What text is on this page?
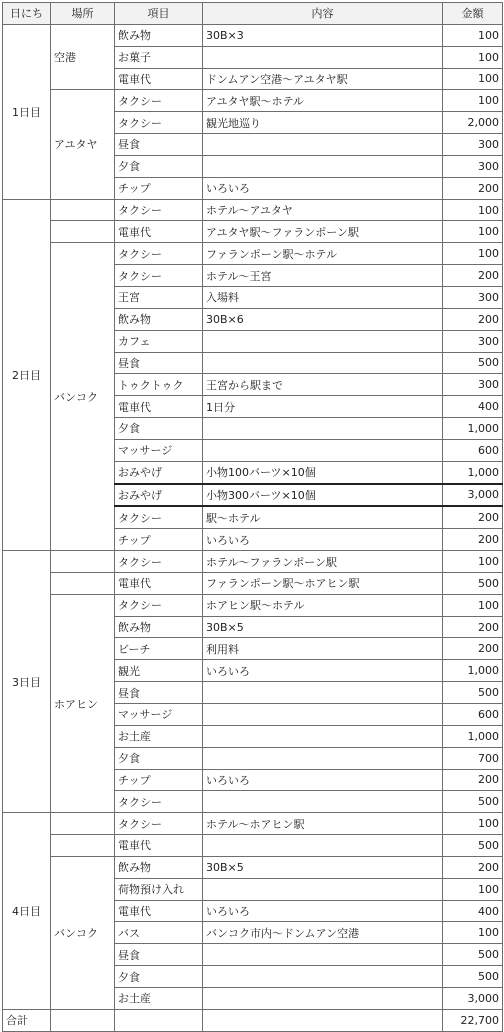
日にち	場所	項目	内容	金額
1日目	空港	飲み物	30B×3	100
		お菓子		100
		電車代	ドンムアン空港～アユタヤ駅	100
	アユタヤ	タクシー	アユタヤ駅～ホテル	100
		タクシー	観光地巡り	2,000
		昼食		300
		夕食		300
		チップ	いろいろ	200
2日目		タクシー	ホテル～アユタヤ	100
		電車代	アユタヤ駅～ファランポーン駅	100
	バンコク	タクシー	ファランポーン駅～ホテル	100
		タクシー	ホテル～王宮	200
		王宮	入場料	300
		飲み物	30B×6	200
		カフェ		300
		昼食		500
		トゥクトゥク	王宮から駅まで	300
		電車代	1日分	400
		夕食		1,000
		マッサージ		600
		おみやげ	小物100バーツ×10個	1,000
		おみやげ	小物300バーツ×10個	3,000
		タクシー	駅～ホテル	200
		チップ	いろいろ	200
3日目		タクシー	ホテル～ファランポーン駅	100
		電車代	ファランポーン駅～ホアヒン駅	500
	ホアヒン	タクシー	ホアヒン駅～ホテル	100
		飲み物	30B×5	200
		ビーチ	利用料	200
		観光	いろいろ	1,000
		昼食		500
		マッサージ		600
		お土産		1,000
		夕食		700
		チップ	いろいろ	200
		タクシー		500
4日目		タクシー	ホテル～ホアヒン駅	100
		電車代		500
	バンコク	飲み物	30B×5	200
		荷物預け入れ		100
		電車代	いろいろ	400
		バス	バンコク市内～ドンムアン空港	100
		昼食		500
		夕食		500
		お土産		3,000
合計				22,700
